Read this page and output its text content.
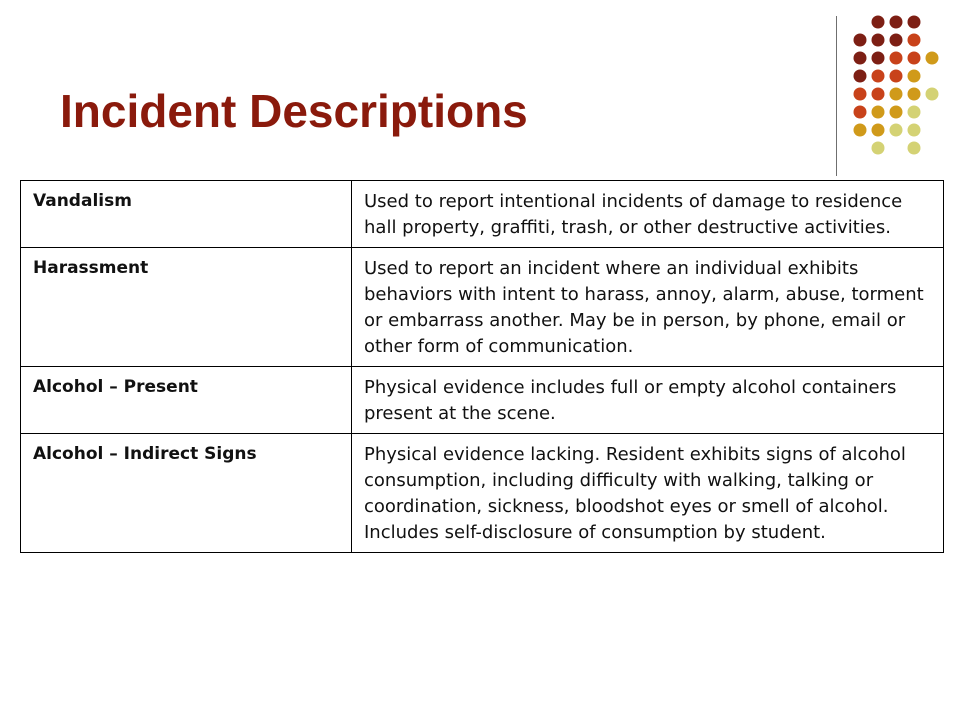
Incident Descriptions
Vandalism	Used to report intentional incidents of damage to residence hall property, graffiti, trash, or other destructive activities.
Harassment	Used to report an incident where an individual exhibits behaviors with intent to harass, annoy, alarm, abuse, torment or embarrass another. May be in person, by phone, email or other form of communication.
Alcohol – Present	Physical evidence includes full or empty alcohol containers present at the scene.
Alcohol – Indirect Signs	Physical evidence lacking. Resident exhibits signs of alcohol consumption, including difficulty with walking, talking or coordination, sickness, bloodshot eyes or smell of alcohol. Includes self-disclosure of consumption by student.
